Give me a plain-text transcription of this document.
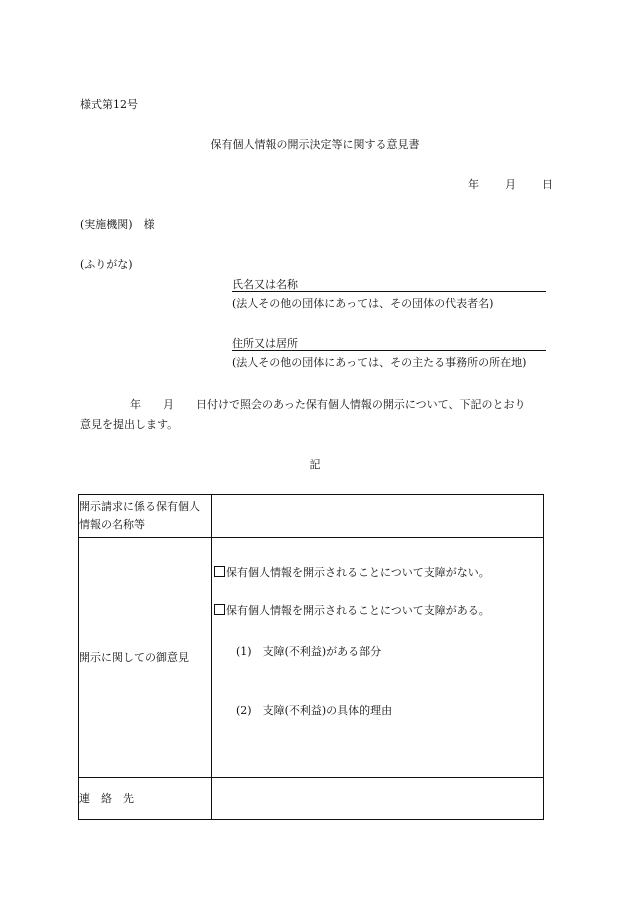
様式第12号
保有個人情報の開示決定等に関する意見書
年 月 日
(実施機関)　様
(ふりがな)
氏名又は名称
(法人その他の団体にあっては、その団体の代表者名)
住所又は居所
(法人その他の団体にあっては、その主たる事務所の所在地)
年　　月　　日付けで照会のあった保有個人情報の開示について、下記のとおり
意見を提出します。
記
開示請求に係る保有個人
情報の名称等	

開示に関しての御意見	保有個人情報を開示されることについて支障がない。
保有個人情報を開示されることについて支障がある。
(1)　支障(不利益)がある部分
(2)　支障(不利益)の具体的理由

連　絡　先	
